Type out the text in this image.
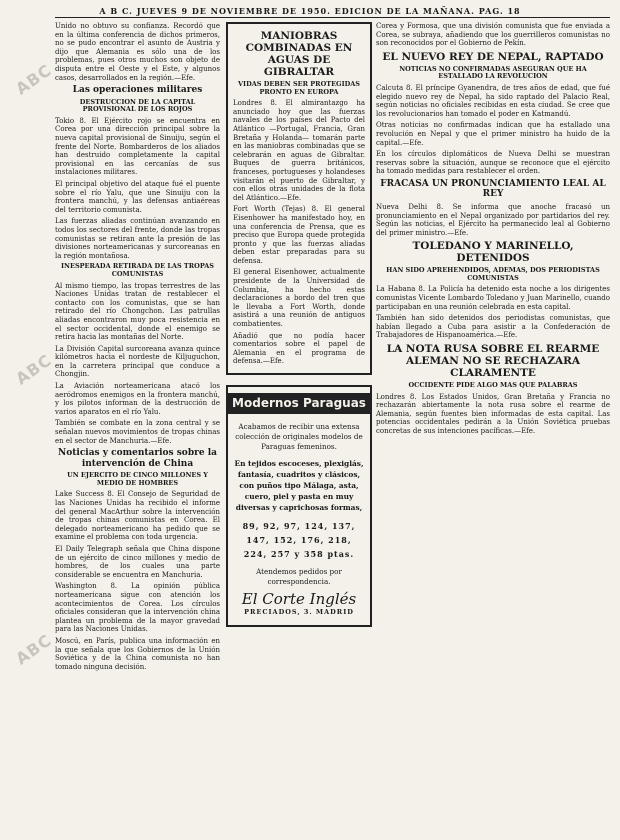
ABC
ABC
ABC
A B C. JUEVES 9 DE NOVIEMBRE DE 1950. EDICION DE LA MAÑANA. PAG. 18

Unido no obtuvo su confianza. Recordó que en la última conferencia de dichos primeros, no se pudo encontrar el asunto de Austria y dijo que Alemania es sólo una de los problemas, pues otros muchos son objeto de disputa entre el Oeste y el Este, y algunos casos, desarrollados en la región.—Efe.

Las operaciones militares
DESTRUCCION DE LA CAPITAL PROVISIONAL DE LOS ROJOS

Tokio 8. El Ejército rojo se encuentra en Corea por una dirección principal sobre la nueva capital provisional de Sinuiju, según el frente del Norte. Bombarderos de los aliados han destruido completamente la capital provisional en las cercanías de sus instalaciones militares.

El principal objetivo del ataque fué el puente sobre el río Yalu, que une Sinuiju con la frontera manchú, y las defensas antiaéreas del territorio comunista.

Las fuerzas aliadas continúan avanzando en todos los sectores del frente, donde las tropas comunistas se retiran ante la presión de las divisiones norteamericanas y surcoreanas en la región montañosa.

INESPERADA RETIRADA DE LAS TROPAS COMUNISTAS

Al mismo tiempo, las tropas terrestres de las Naciones Unidas tratan de restablecer el contacto con los comunistas, que se han retirado del río Chongchon. Las patrullas aliadas encontraron muy poca resistencia en el sector occidental, donde el enemigo se retira hacia las montañas del Norte.

La División Capital surcoreana avanza quince kilómetros hacia el nordeste de Kiljuguchon, en la carretera principal que conduce a Chongjin.

La Aviación norteamericana atacó los aeródromos enemigos en la frontera manchú, y los pilotos informan de la destrucción de varios aparatos en el río Yalu.

También se combate en la zona central y se señalan nuevos movimientos de tropas chinas en el sector de Manchuria.—Efe.

Noticias y comentarios sobre la intervención de China
UN EJERCITO DE CINCO MILLONES Y MEDIO DE HOMBRES

Lake Success 8. El Consejo de Seguridad de las Naciones Unidas ha recibido el informe del general MacArthur sobre la intervención de tropas chinas comunistas en Corea. El delegado norteamericano ha pedido que se examine el problema con toda urgencia.

El Daily Telegraph señala que China dispone de un ejército de cinco millones y medio de hombres, de los cuales una parte considerable se encuentra en Manchuria.

Washington 8. La opinión pública norteamericana sigue con atención los acontecimientos de Corea. Los círculos oficiales consideran que la intervención china plantea un problema de la mayor gravedad para las Naciones Unidas.

Moscú, en París, publica una información en la que señala que los Gobiernos de la Unión Soviética y de la China comunista no han tomado ninguna decisión.

MANIOBRAS COMBINADAS EN AGUAS DE GIBRALTAR
VIDAS DEBEN SER PROTEGIDAS PRONTO EN EUROPA

Londres 8. El almirantazgo ha anunciado hoy que las fuerzas navales de los países del Pacto del Atlántico —Portugal, Francia, Gran Bretaña y Holanda— tomarán parte en las maniobras combinadas que se celebrarán en aguas de Gibraltar. Buques de guerra británicos, franceses, portugueses y holandeses visitarán el puerto de Gibraltar, y con ellos otras unidades de la flota del Atlántico.—Efe.

Fort Worth (Tejas) 8. El general Eisenhower ha manifestado hoy, en una conferencia de Prensa, que es preciso que Europa quede protegida pronto y que las fuerzas aliadas deben estar preparadas para su defensa.

El general Eisenhower, actualmente presidente de la Universidad de Columbia, ha hecho estas declaraciones a bordo del tren que le llevaba a Fort Worth, donde asistirá a una reunión de antiguos combatientes.

Añadió que no podía hacer comentarios sobre el papel de Alemania en el programa de defensa.—Efe.

Modernos Paraguas

Acabamos de recibir una extensa colección de originales modelos de Paraguas femeninos.

En tejidos escoceses, plexiglás, fantasía, cuadritos y clásicos, con puños tipo Málaga, asta, cuero, piel y pasta en muy diversas y caprichosas formas,

89, 92, 97, 124, 137, 147, 152, 176, 218, 224, 257 y 358 ptas.

Atendemos pedidos por correspondencia.

El Corte Inglés

PRECIADOS, 3. MADRID

Corea y Formosa, que una división comunista que fue enviada a Corea, se subraya, añadiendo que los guerrilleros comunistas no son reconocidos por el Gobierno de Pekín.

EL NUEVO REY DE NEPAL, RAPTADO
NOTICIAS NO CONFIRMADAS ASEGURAN QUE HA ESTALLADO LA REVOLUCION

Calcuta 8. El príncipe Gyanendra, de tres años de edad, que fué elegido nuevo rey de Nepal, ha sido raptado del Palacio Real, según noticias no oficiales recibidas en esta ciudad. Se cree que los revolucionarios han tomado el poder en Katmandú.

Otras noticias no confirmadas indican que ha estallado una revolución en Nepal y que el primer ministro ha huido de la capital.—Efe.

En los círculos diplomáticos de Nueva Delhi se muestran reservas sobre la situación, aunque se reconoce que el ejército ha tomado medidas para restablecer el orden.

FRACASA UN PRONUNCIAMIENTO LEAL AL REY

Nueva Delhi 8. Se informa que anoche fracasó un pronunciamiento en el Nepal organizado por partidarios del rey. Según las noticias, el Ejército ha permanecido leal al Gobierno del primer ministro.—Efe.

TOLEDANO Y MARINELLO, DETENIDOS
HAN SIDO APREHENDIDOS, ADEMAS, DOS PERIODISTAS COMUNISTAS

La Habana 8. La Policía ha detenido esta noche a los dirigentes comunistas Vicente Lombardo Toledano y Juan Marinello, cuando participaban en una reunión celebrada en esta capital.

También han sido detenidos dos periodistas comunistas, que habían llegado a Cuba para asistir a la Confederación de Trabajadores de Hispanoamérica.—Efe.

LA NOTA RUSA SOBRE EL REARME ALEMAN NO SE RECHAZARA CLARAMENTE
OCCIDENTE PIDE ALGO MAS QUE PALABRAS

Londres 8. Los Estados Unidos, Gran Bretaña y Francia no rechazarán abiertamente la nota rusa sobre el rearme de Alemania, según fuentes bien informadas de esta capital. Las potencias occidentales pedirán a la Unión Soviética pruebas concretas de sus intenciones pacíficas.—Efe.
